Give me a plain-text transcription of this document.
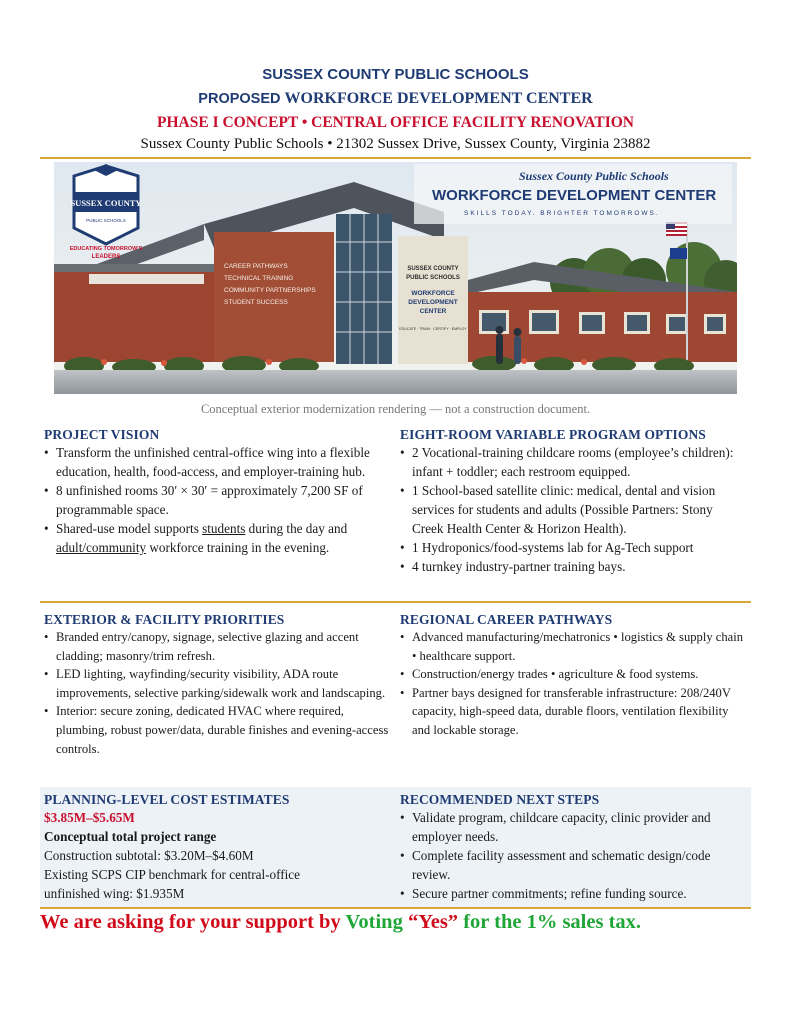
SUSSEX COUNTY PUBLIC SCHOOLS
PROPOSED WORKFORCE DEVELOPMENT CENTER
PHASE I CONCEPT • CENTRAL OFFICE FACILITY RENOVATION
Sussex County Public Schools • 21302 Sussex Drive, Sussex County, Virginia 23882
CAREER PATHWAYS
TECHNICAL TRAINING
COMMUNITY PARTNERSHIPS
STUDENT SUCCESS
SUSSEX COUNTY
PUBLIC SCHOOLS
WORKFORCE
DEVELOPMENT
CENTER
EDUCATE · TRAIN · CERTIFY · EMPLOY
Sussex County Public Schools
WORKFORCE DEVELOPMENT CENTER
SKILLS TODAY. BRIGHTER TOMORROWS.
SUSSEX COUNTY
PUBLIC SCHOOLS
EDUCATING TOMORROW'S
LEADERS
Conceptual exterior modernization rendering — not a construction document.
PROJECT VISION
• Transform the unfinished central-office wing into a flexible education, health, food-access, and employer-training hub.
• 8 unfinished rooms 30′ × 30′ = approximately 7,200 SF of programmable space.
• Shared-use model supports students during the day and adult/community workforce training in the evening.
EIGHT-ROOM VARIABLE PROGRAM OPTIONS
• 2 Vocational-training childcare rooms (employee’s children): infant + toddler; each restroom equipped.
• 1 School-based satellite clinic: medical, dental and vision services for students and adults (Possible Partners: Stony Creek Health Center & Horizon Health).
• 1 Hydroponics/food-systems lab for Ag-Tech support
• 4 turnkey industry-partner training bays.
EXTERIOR & FACILITY PRIORITIES
• Branded entry/canopy, signage, selective glazing and accent cladding; masonry/trim refresh.
• LED lighting, wayfinding/security visibility, ADA route improvements, selective parking/sidewalk work and landscaping.
• Interior: secure zoning, dedicated HVAC where required, plumbing, robust power/data, durable finishes and evening-access controls.
REGIONAL CAREER PATHWAYS
• Advanced manufacturing/mechatronics • logistics & supply chain • healthcare support.
• Construction/energy trades • agriculture & food systems.
• Partner bays designed for transferable infrastructure: 208/240V capacity, high-speed data, durable floors, ventilation flexibility and lockable storage.
PLANNING-LEVEL COST ESTIMATES
$3.85M–$5.65M
Conceptual total project range
Construction subtotal: $3.20M–$4.60M
Existing SCPS CIP benchmark for central-office
unfinished wing: $1.935M
RECOMMENDED NEXT STEPS
• Validate program, childcare capacity, clinic provider and employer needs.
• Complete facility assessment and schematic design/code review.
• Secure partner commitments; refine funding source.
We are asking for your support by Voting “Yes” for the 1% sales tax.
